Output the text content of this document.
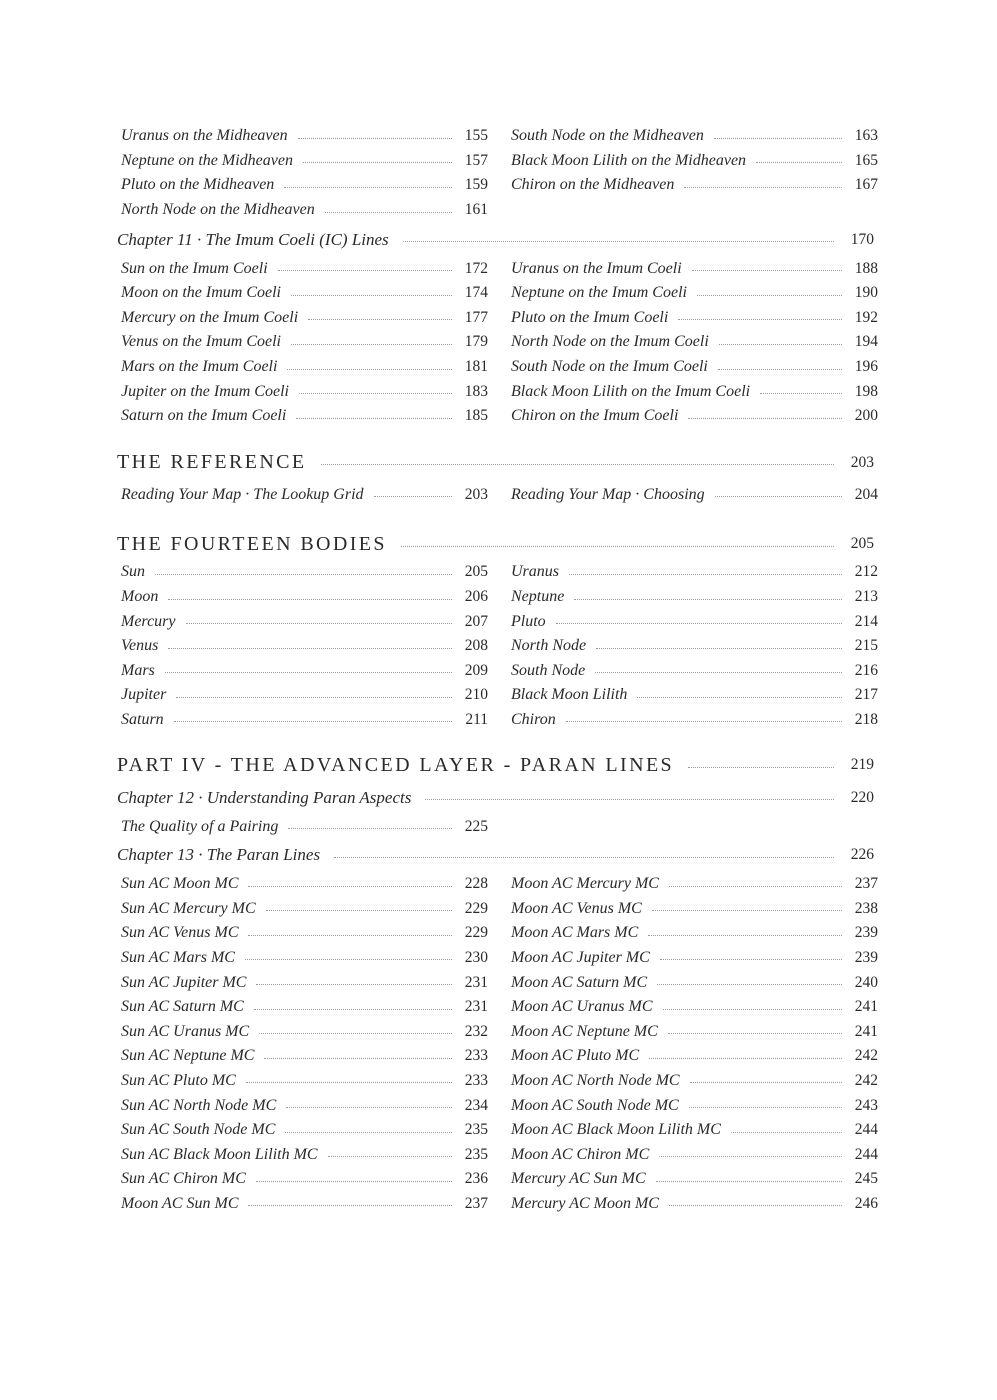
Uranus on the Midheaven	155 South Node on the Midheaven	163
Neptune on the Midheaven	157 Black Moon Lilith on the Midheaven	165
Pluto on the Midheaven	159 Chiron on the Midheaven	167
North Node on the Midheaven	161
Chapter 11 · The Imum Coeli (IC) Lines	170
Sun on the Imum Coeli	172 Uranus on the Imum Coeli	188
Moon on the Imum Coeli	174 Neptune on the Imum Coeli	190
Mercury on the Imum Coeli	177 Pluto on the Imum Coeli	192
Venus on the Imum Coeli	179 North Node on the Imum Coeli	194
Mars on the Imum Coeli	181 South Node on the Imum Coeli	196
Jupiter on the Imum Coeli	183 Black Moon Lilith on the Imum Coeli	198
Saturn on the Imum Coeli	185 Chiron on the Imum Coeli	200
THE REFERENCE	203
Reading Your Map · The Lookup Grid	203 Reading Your Map · Choosing	204
THE FOURTEEN BODIES	205
Sun	205 Uranus	212
Moon	206 Neptune	213
Mercury	207 Pluto	214
Venus	208 North Node	215
Mars	209 South Node	216
Jupiter	210 Black Moon Lilith	217
Saturn	211 Chiron	218
PART IV - THE ADVANCED LAYER - PARAN LINES	219
Chapter 12 · Understanding Paran Aspects	220
The Quality of a Pairing	225
Chapter 13 · The Paran Lines	226
Sun AC Moon MC	228 Moon AC Mercury MC	237
Sun AC Mercury MC	229 Moon AC Venus MC	238
Sun AC Venus MC	229 Moon AC Mars MC	239
Sun AC Mars MC	230 Moon AC Jupiter MC	239
Sun AC Jupiter MC	231 Moon AC Saturn MC	240
Sun AC Saturn MC	231 Moon AC Uranus MC	241
Sun AC Uranus MC	232 Moon AC Neptune MC	241
Sun AC Neptune MC	233 Moon AC Pluto MC	242
Sun AC Pluto MC	233 Moon AC North Node MC	242
Sun AC North Node MC	234 Moon AC South Node MC	243
Sun AC South Node MC	235 Moon AC Black Moon Lilith MC	244
Sun AC Black Moon Lilith MC	235 Moon AC Chiron MC	244
Sun AC Chiron MC	236 Mercury AC Sun MC	245
Moon AC Sun MC	237 Mercury AC Moon MC	246
